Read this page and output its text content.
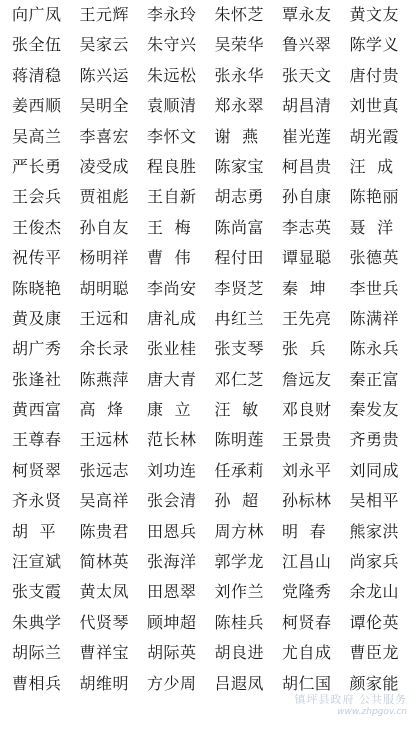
向广凤	王元辉	李永玲	朱怀芝	覃永友	黄文友
张全伍	吴家云	朱守兴	吴荣华	鲁兴翠	陈学义
蒋清稳	陈兴运	朱远松	张永华	张天文	唐付贵
姜西顺	吴明全	袁顺清	郑永翠	胡昌清	刘世真
吴高兰	李喜宏	李怀文	谢  燕	崔光莲	胡光霞
严长勇	凌受成	程良胜	陈家宝	柯昌贵	汪  成
王会兵	贾祖彪	王自新	胡志勇	孙自康	陈艳丽
王俊杰	孙自友	王  梅	陈尚富	李志英	聂  洋
祝传平	杨明祥	曹  伟	程付田	谭显聪	张德英
陈晓艳	胡明聪	李尚安	李贤芝	秦  坤	李世兵
黄及康	王远和	唐礼成	冉红兰	王先亮	陈满祥
胡广秀	余长录	张业桂	张支琴	张  兵	陈永兵
张逢社	陈燕萍	唐大青	邓仁芝	詹远友	秦正富
黄西富	高  烽	康  立	汪  敏	邓良财	秦发友
王尊春	王远林	范长林	陈明莲	王景贵	齐勇贵
柯贤翠	张远志	刘功连	任承莉	刘永平	刘同成
齐永贤	吴高祥	张会清	孙  超	孙标林	吴相平
胡  平	陈贵君	田恩兵	周方林	明  春	熊家洪
汪宣斌	简林英	张海洋	郭学龙	江昌山	尚家兵
张支霞	黄太凤	田恩翠	刘作兰	党隆秀	余龙山
朱典学	代贤琴	顾坤超	陈桂兵	柯贤春	谭伦英
胡际兰	曹祥宝	胡际英	胡良进	尤自成	曹臣龙
曹相兵	胡维明	方少周	吕遐凤	胡仁国	颜家能
镇坪县政府 公共服务
www.zhpgov.cn
